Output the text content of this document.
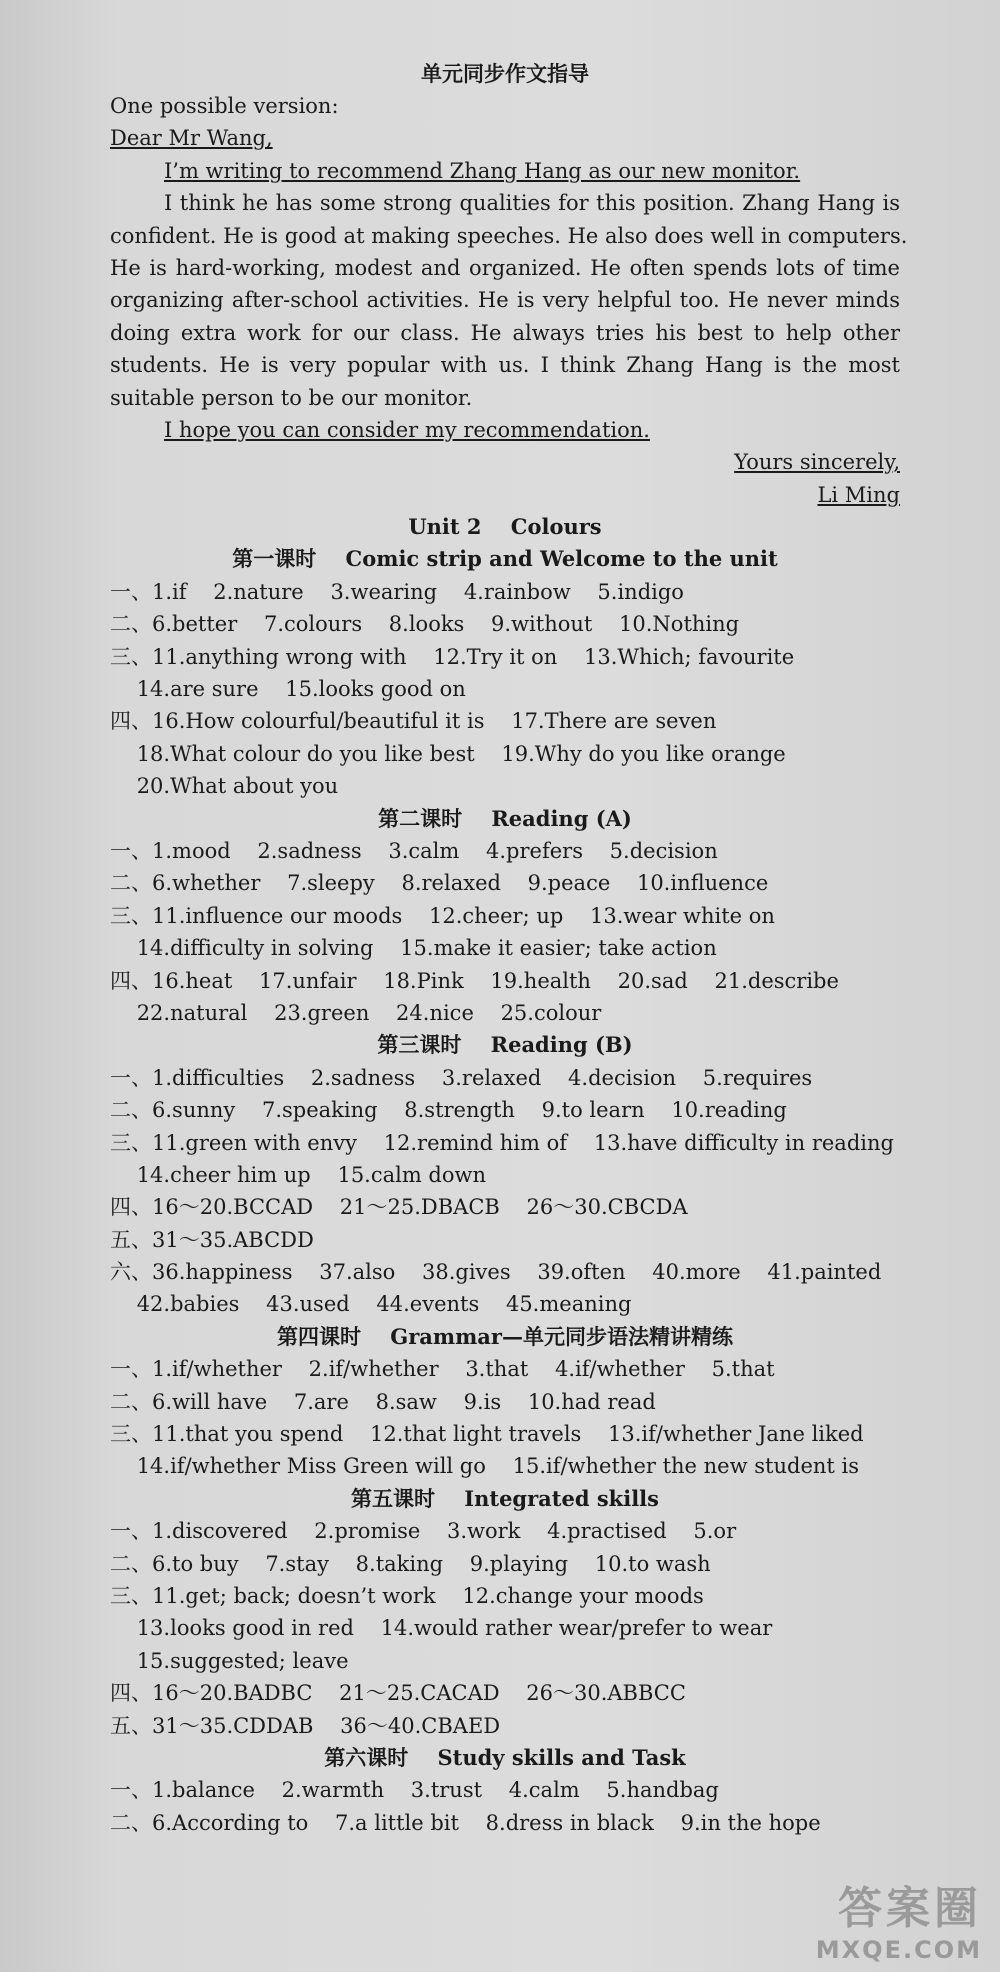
单元同步作文指导
One possible version:
Dear Mr Wang,
I’m writing to recommend Zhang Hang as our new monitor.
I think he has some strong qualities for this position. Zhang Hang is
confident. He is good at making speeches. He also does well in computers.
He is hard-working, modest and organized. He often spends lots of time
organizing after-school activities. He is very helpful too. He never minds
doing extra work for our class. He always tries his best to help other
students. He is very popular with us. I think Zhang Hang is the most
suitable person to be our monitor.
I hope you can consider my recommendation.
Yours sincerely,
Li Ming
Unit 2    Colours
第一课时    Comic strip and Welcome to the unit
一、1.if    2.nature    3.wearing    4.rainbow    5.indigo
二、6.better    7.colours    8.looks    9.without    10.Nothing
三、11.anything wrong with    12.Try it on    13.Which; favourite
14.are sure    15.looks good on
四、16.How colourful/beautiful it is    17.There are seven
18.What colour do you like best    19.Why do you like orange
20.What about you
第二课时    Reading (A)
一、1.mood    2.sadness    3.calm    4.prefers    5.decision
二、6.whether    7.sleepy    8.relaxed    9.peace    10.influence
三、11.influence our moods    12.cheer; up    13.wear white on
14.difficulty in solving    15.make it easier; take action
四、16.heat    17.unfair    18.Pink    19.health    20.sad    21.describe
22.natural    23.green    24.nice    25.colour
第三课时    Reading (B)
一、1.difficulties    2.sadness    3.relaxed    4.decision    5.requires
二、6.sunny    7.speaking    8.strength    9.to learn    10.reading
三、11.green with envy    12.remind him of    13.have difficulty in reading
14.cheer him up    15.calm down
四、16～20.BCCAD    21～25.DBACB    26～30.CBCDA
五、31～35.ABCDD
六、36.happiness    37.also    38.gives    39.often    40.more    41.painted
42.babies    43.used    44.events    45.meaning
第四课时    Grammar—单元同步语法精讲精练
一、1.if/whether    2.if/whether    3.that    4.if/whether    5.that
二、6.will have    7.are    8.saw    9.is    10.had read
三、11.that you spend    12.that light travels    13.if/whether Jane liked
14.if/whether Miss Green will go    15.if/whether the new student is
第五课时    Integrated skills
一、1.discovered    2.promise    3.work    4.practised    5.or
二、6.to buy    7.stay    8.taking    9.playing    10.to wash
三、11.get; back; doesn’t work    12.change your moods
13.looks good in red    14.would rather wear/prefer to wear
15.suggested; leave
四、16～20.BADBC    21～25.CACAD    26～30.ABBCC
五、31～35.CDDAB    36～40.CBAED
第六课时    Study skills and Task
一、1.balance    2.warmth    3.trust    4.calm    5.handbag
二、6.According to    7.a little bit    8.dress in black    9.in the hope
答案圈
MXQE.COM
